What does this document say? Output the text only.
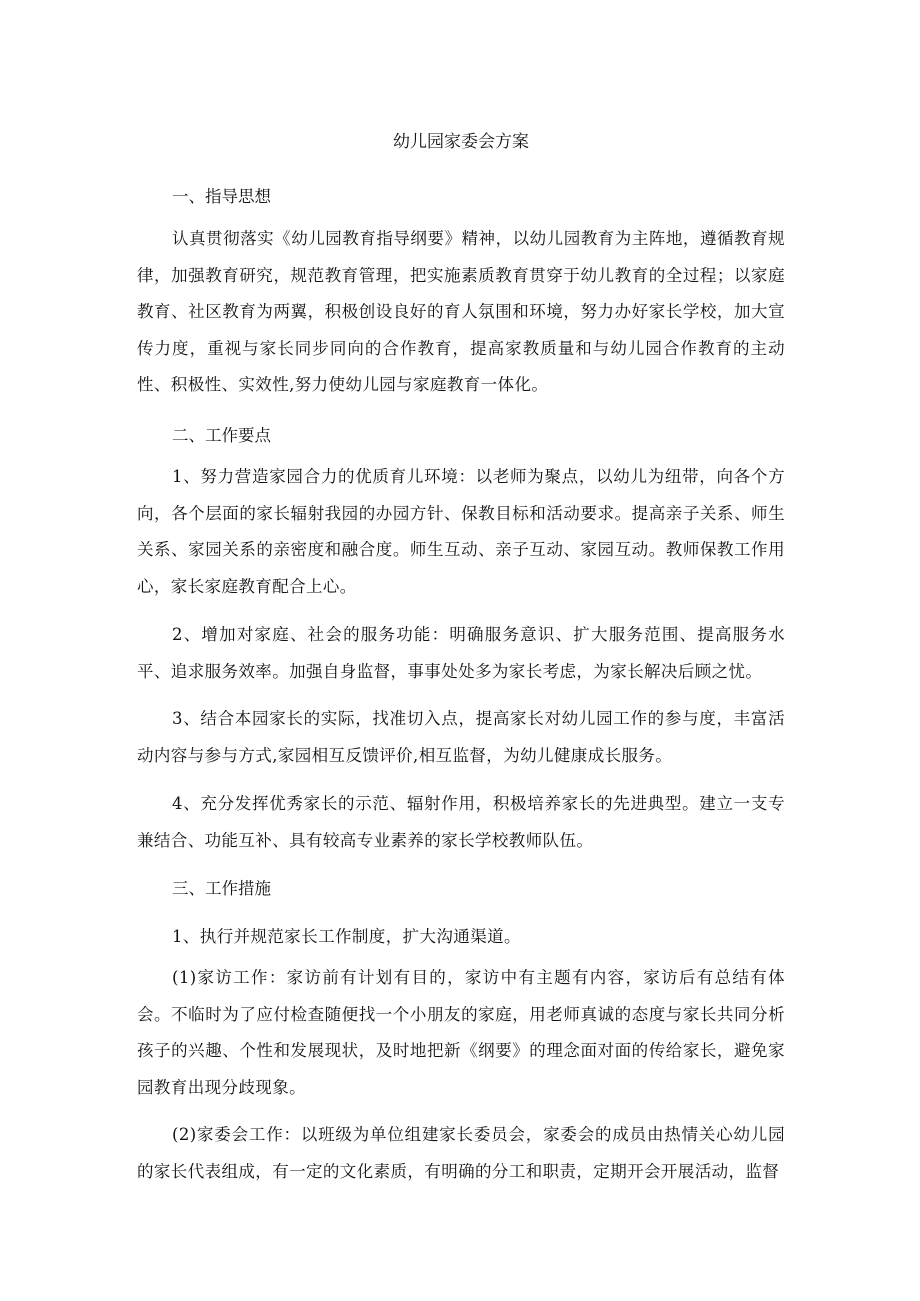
幼儿园家委会方案
一、指导思想

认真贯彻落实《幼儿园教育指导纲要》精神，以幼儿园教育为主阵地，遵循教育规律，加强教育研究，规范教育管理，把实施素质教育贯穿于幼儿教育的全过程；以家庭教育、社区教育为两翼，积极创设良好的育人氛围和环境，努力办好家长学校，加大宣传力度，重视与家长同步同向的合作教育，提高家教质量和与幼儿园合作教育的主动性、积极性、实效性,努力使幼儿园与家庭教育一体化。

二、工作要点

1、努力营造家园合力的优质育儿环境：以老师为聚点，以幼儿为纽带，向各个方向，各个层面的家长辐射我园的办园方针、保教目标和活动要求。提高亲子关系、师生关系、家园关系的亲密度和融合度。师生互动、亲子互动、家园互动。教师保教工作用心，家长家庭教育配合上心。

2、增加对家庭、社会的服务功能：明确服务意识、扩大服务范围、提高服务水平、追求服务效率。加强自身监督，事事处处多为家长考虑，为家长解决后顾之忧。

3、结合本园家长的实际，找准切入点，提高家长对幼儿园工作的参与度，丰富活动内容与参与方式,家园相互反馈评价,相互监督，为幼儿健康成长服务。

4、充分发挥优秀家长的示范、辐射作用，积极培养家长的先进典型。建立一支专兼结合、功能互补、具有较高专业素养的家长学校教师队伍。

三、工作措施

1、执行并规范家长工作制度，扩大沟通渠道。

(1)家访工作：家访前有计划有目的，家访中有主题有内容，家访后有总结有体会。不临时为了应付检查随便找一个小朋友的家庭，用老师真诚的态度与家长共同分析孩子的兴趣、个性和发展现状，及时地把新《纲要》的理念面对面的传给家长，避免家园教育出现分歧现象。

(2)家委会工作：以班级为单位组建家长委员会，家委会的成员由热情关心幼儿园的家长代表组成，有一定的文化素质，有明确的分工和职责，定期开会开展活动，监督
